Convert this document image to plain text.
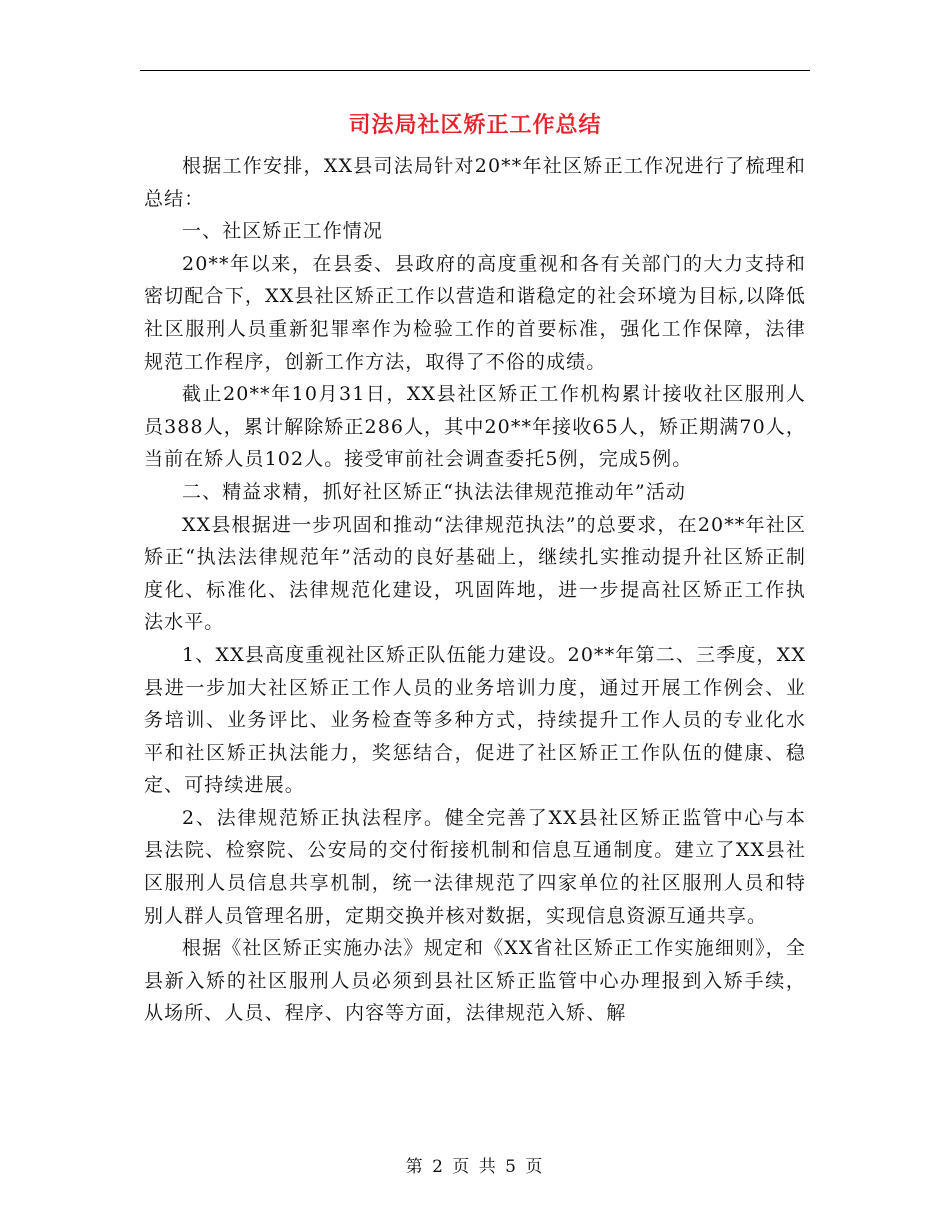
司法局社区矫正工作总结

根据工作安排，XX县司法局针对20**年社区矫正工作况进行了梳理和总结：

一、社区矫正工作情况

20**年以来，在县委、县政府的高度重视和各有关部门的大力支持和密切配合下，XX县社区矫正工作以营造和谐稳定的社会环境为目标,以降低社区服刑人员重新犯罪率作为检验工作的首要标准，强化工作保障，法律规范工作程序，创新工作方法，取得了不俗的成绩。

截止20**年10月31日，XX县社区矫正工作机构累计接收社区服刑人员388人，累计解除矫正286人，其中20**年接收65人，矫正期满70人，当前在矫人员102人。接受审前社会调查委托5例，完成5例。

二、精益求精，抓好社区矫正“执法法律规范推动年”活动

XX县根据进一步巩固和推动“法律规范执法”的总要求，在20**年社区矫正“执法法律规范年”活动的良好基础上，继续扎实推动提升社区矫正制度化、标准化、法律规范化建设，巩固阵地，进一步提高社区矫正工作执法水平。

1、XX县高度重视社区矫正队伍能力建设。20**年第二、三季度，XX县进一步加大社区矫正工作人员的业务培训力度，通过开展工作例会、业务培训、业务评比、业务检查等多种方式，持续提升工作人员的专业化水平和社区矫正执法能力，奖惩结合，促进了社区矫正工作队伍的健康、稳定、可持续进展。

2、法律规范矫正执法程序。健全完善了XX县社区矫正监管中心与本县法院、检察院、公安局的交付衔接机制和信息互通制度。建立了XX县社区服刑人员信息共享机制，统一法律规范了四家单位的社区服刑人员和特别人群人员管理名册，定期交换并核对数据，实现信息资源互通共享。

根据《社区矫正实施办法》规定和《XX省社区矫正工作实施细则》，全县新入矫的社区服刑人员必须到县社区矫正监管中心办理报到入矫手续，从场所、人员、程序、内容等方面，法律规范入矫、解

第 2 页 共 5 页
